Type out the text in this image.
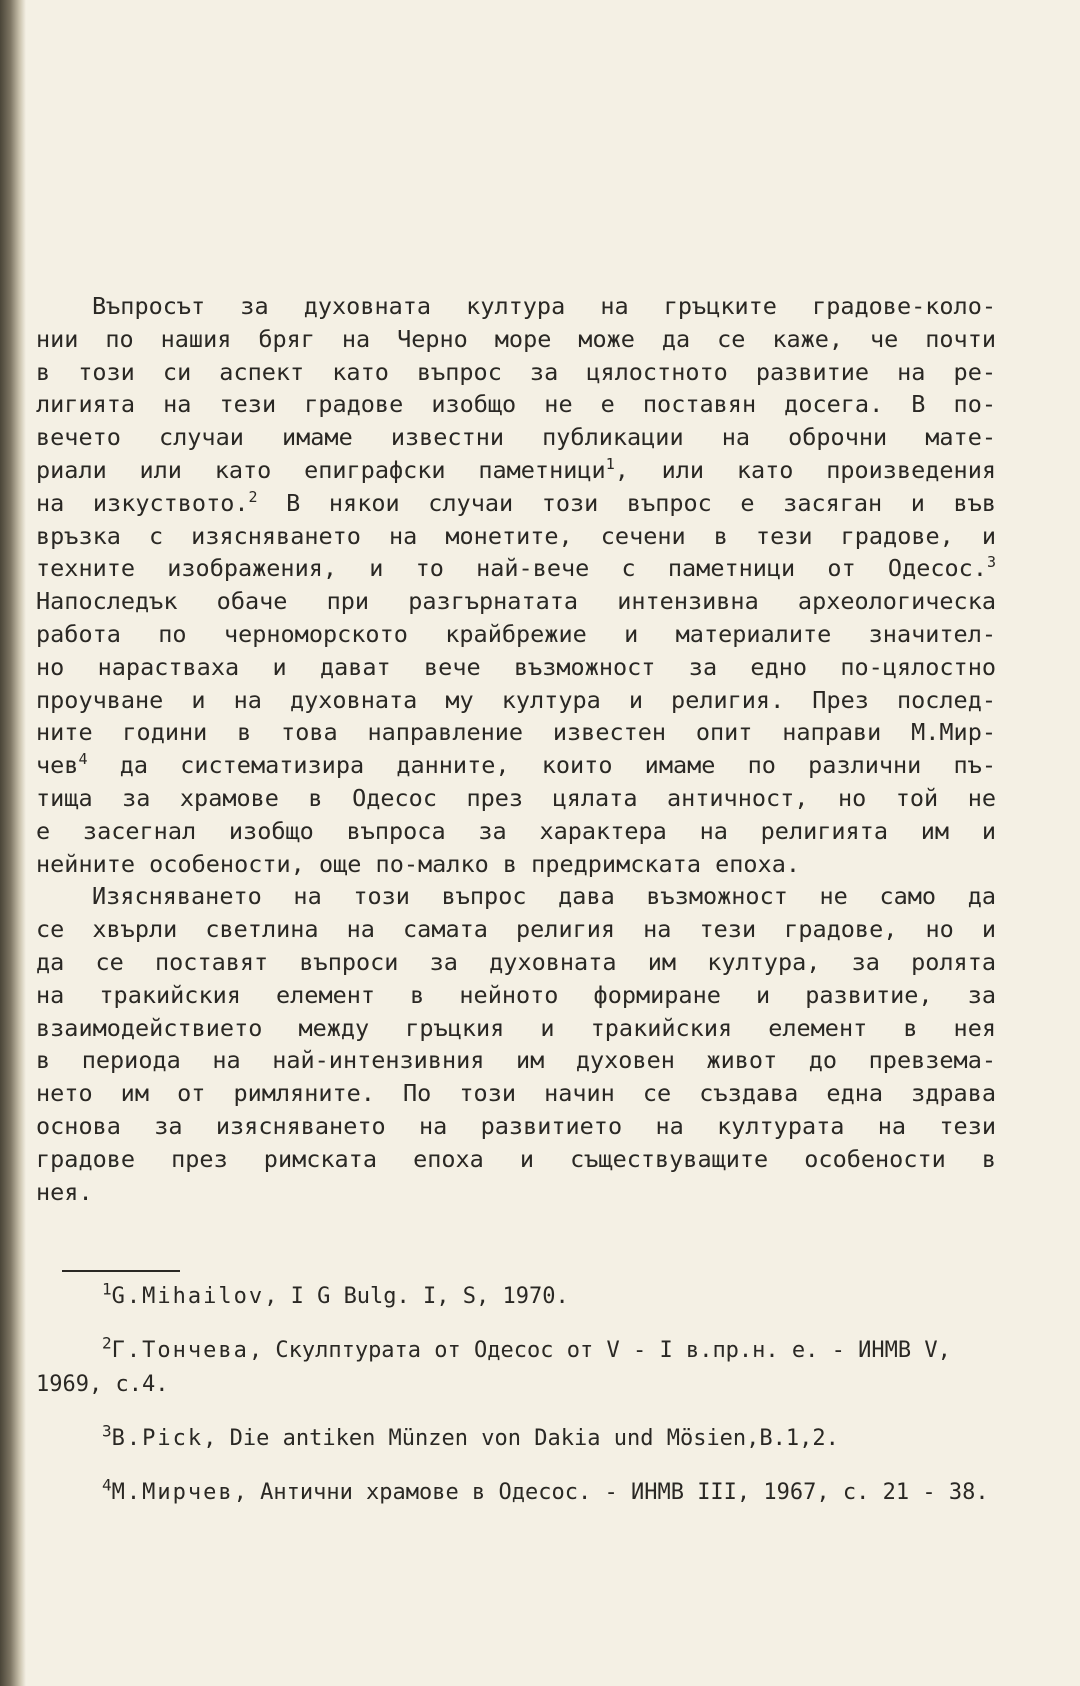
Въпросът за духовната култура на гръцките градове-коло-
нии по нашия бряг на Черно море може да се каже, че почти
в този си аспект като въпрос за цялостното развитие на ре-
лигията на тези градове изобщо не е поставян досега. В по-
вечето случаи имаме известни публикации на оброчни мате-
риали или като епиграфски паметници$^1$, или като произведения
на изкуството.$^2$ В някои случаи този въпрос е засяган и във
връзка с изясняването на монетите, сечени в тези градове, и
техните изображения, и то най-вече с паметници от Одесос.$^3$
Напоследък обаче при разгърнатата интензивна археологическа
работа по черноморското крайбрежие и материалите значител-
но нараствaха и дават вече възможност за едно по-цялостно
проучване и на духовната му култура и религия. През послед-
ните години в това направление известен опит направи М.Мир-
чев$^4$ да систематизира данните, които имаме по различни пъ-
тища за храмове в Одесос през цялата античност, но той не
е засегнал изобщо въпроса за характера на религията им и
нейните особености, още по-малко в предримската епоха.

Изясняването на този въпрос дава възможност не само да
се хвърли светлина на самата религия на тези градове, но и
да се поставят въпроси за духовната им култура, за ролята
на тракийския елемент в нейното формиране и развитие, за
взаимодействието между гръцкия и тракийския елемент в нея
в периода на най-интензивния им духовен живот до превзема-
нето им от римляните. По този начин се създава една здрава
основа за изясняването на развитието на културата на тези
градове през римската епоха и съществуващите особености в
нея.

$^1$G.Mihailov, I G Bulg. I, S, 1970.

$^2$Г.Тончева, Скулптурата от Одесос от V - I в.пр.н. е. - ИНМВ V, 1969, с.4.

$^3$B.Pick, Die antiken Münzen von Dakia und Mösien,B.1,2.

$^4$М.Мирчев, Антични храмове в Одесос. - ИНМВ III, 1967, с. 21 - 38.
